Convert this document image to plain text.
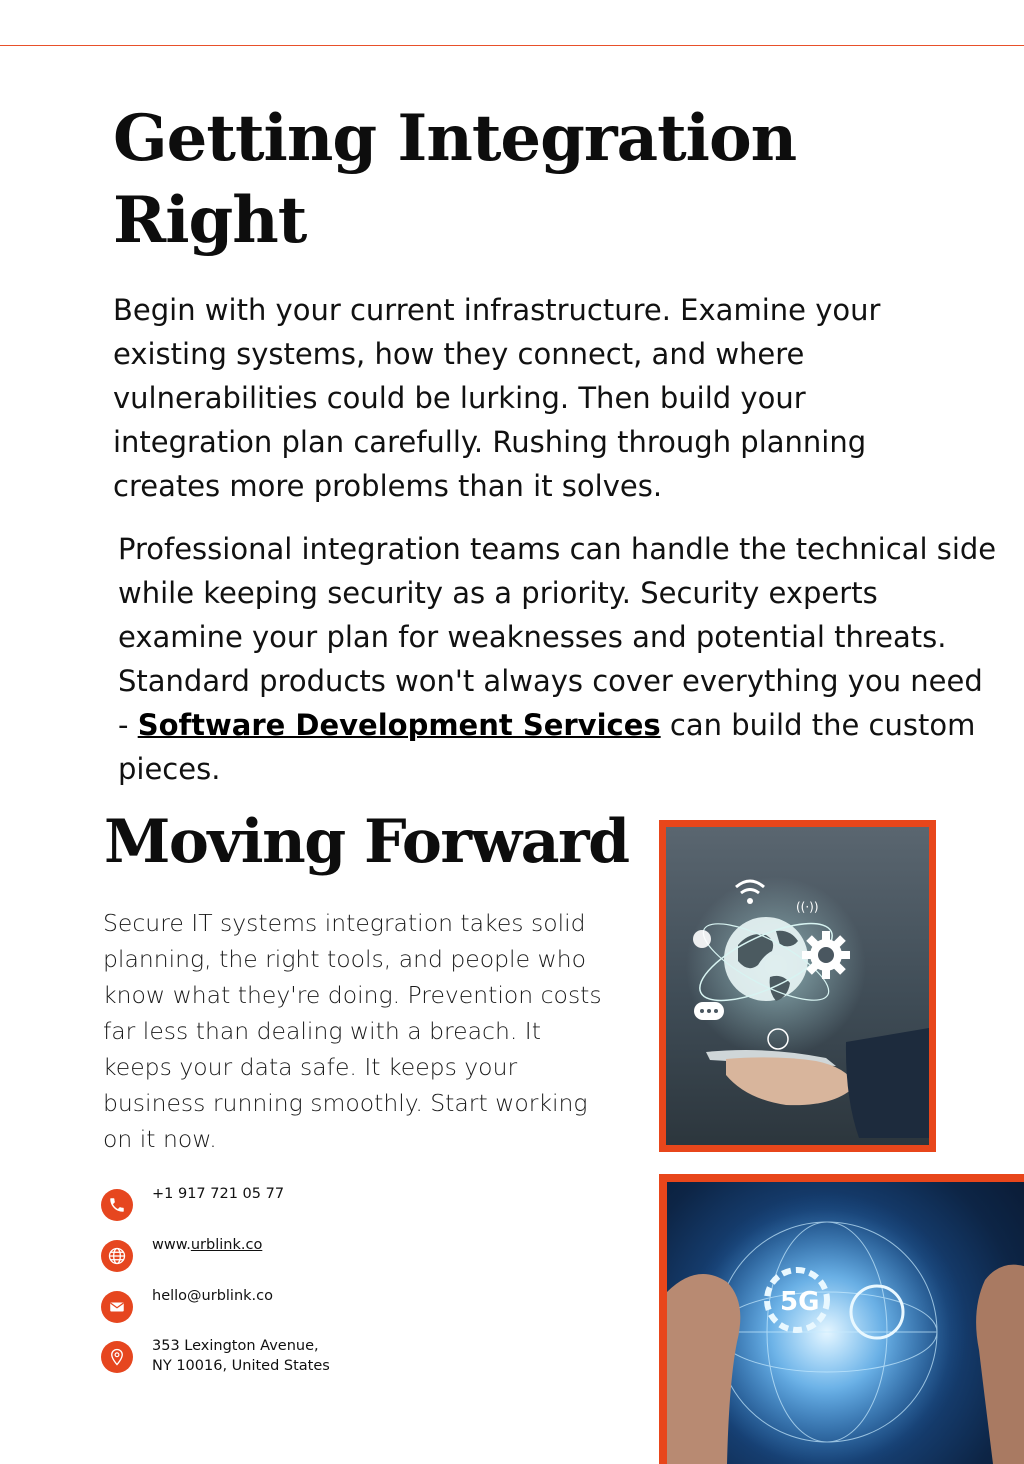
Getting Integration Right

Begin with your current infrastructure. Examine your existing systems, how they connect, and where vulnerabilities could be lurking. Then build your integration plan carefully. Rushing through planning creates more problems than it solves.

Professional integration teams can handle the technical side while keeping security as a priority. Security experts examine your plan for weaknesses and potential threats. Standard products won't always cover everything you need - Software Development Services can build the custom pieces.

Moving Forward

Secure IT systems integration takes solid planning, the right tools, and people who know what they're doing. Prevention costs far less than dealing with a breach. It keeps your data safe. It keeps your business running smoothly. Start working on it now.

+1 917 721 05 77
www.urblink.co
hello@urblink.co
353 Lexington Avenue,
NY 10016, United States
((·))
5G
